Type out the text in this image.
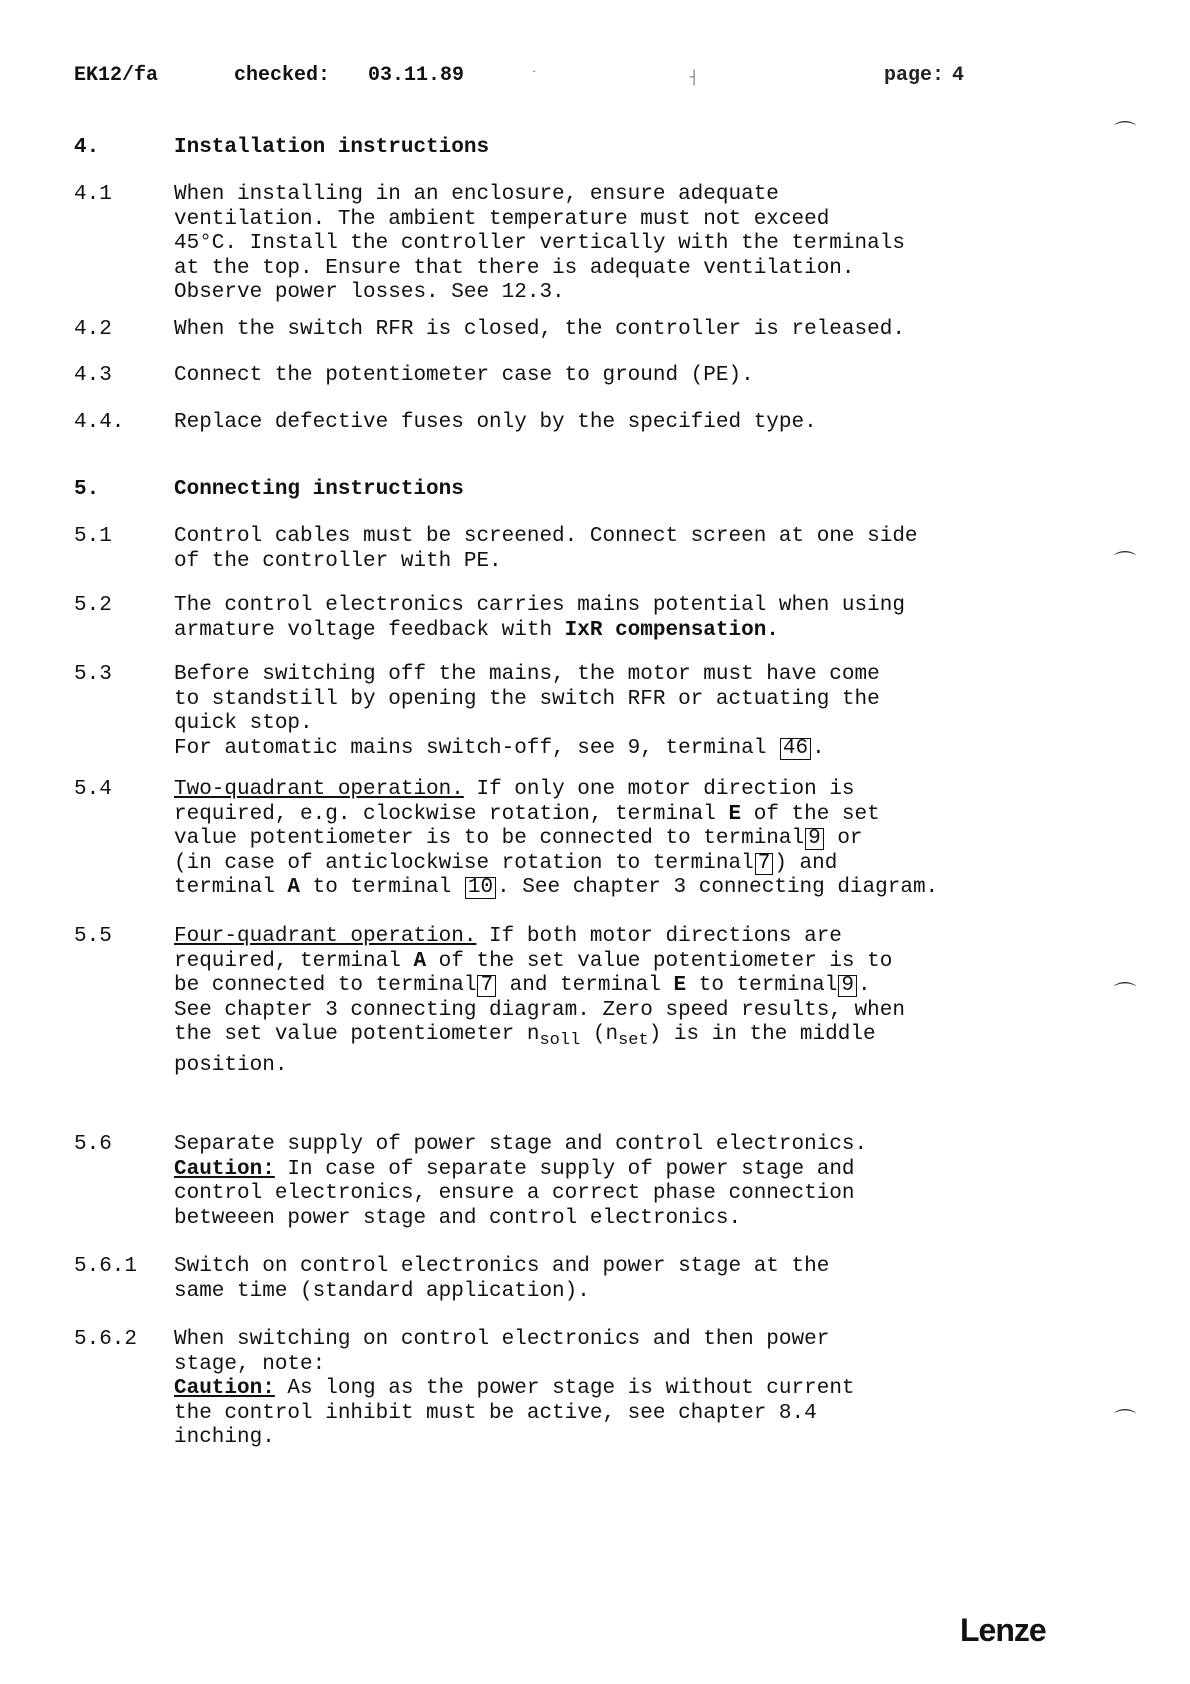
EK12/fa	checked: 03.11.89	page: 4
˙	┤
⌒
⌒
⌒
⌒
4.	Installation instructions
4.1	When installing in an enclosure, ensure adequate
ventilation. The ambient temperature must not exceed
45°C. Install the controller vertically with the terminals
at the top. Ensure that there is adequate ventilation.
Observe power losses. See 12.3.
4.2	When the switch RFR is closed, the controller is released.
4.3	Connect the potentiometer case to ground (PE).
4.4. Replace defective fuses only by the specified type.
5.	Connecting instructions
5.1	Control cables must be screened. Connect screen at one side
of the controller with PE.
5.2	The control electronics carries mains potential when using
armature voltage feedback with IxR compensation.
5.3	Before switching off the mains, the motor must have come
to standstill by opening the switch RFR or actuating the
quick stop.
For automatic mains switch-off, see 9, terminal 46 .
5.4	Two-quadrant operation. If only one motor direction is
required, e.g. clockwise rotation, terminal E of the set
value potentiometer is to be connected to terminal 9 or
(in case of anticlockwise rotation to terminal 7 ) and
terminal A to terminal 10 . See chapter 3 connecting diagram.
5.5	Four-quadrant operation. If both motor directions are
required, terminal A of the set value potentiometer is to
be connected to terminal 7 and terminal E to terminal 9 .
See chapter 3 connecting diagram. Zero speed results, when
the set value potentiometer $n_{soll}$ $(n_{set})$ is in the middle
position.
5.6	Separate supply of power stage and control electronics.
Caution: In case of separate supply of power stage and
control electronics, ensure a correct phase connection
betweeen power stage and control electronics.
5.6.1 Switch on control electronics and power stage at the
same time (standard application).
5.6.2 When switching on control electronics and then power
stage, note:
Caution: As long as the power stage is without current
the control inhibit must be active, see chapter 8.4
inching.
Lenze
